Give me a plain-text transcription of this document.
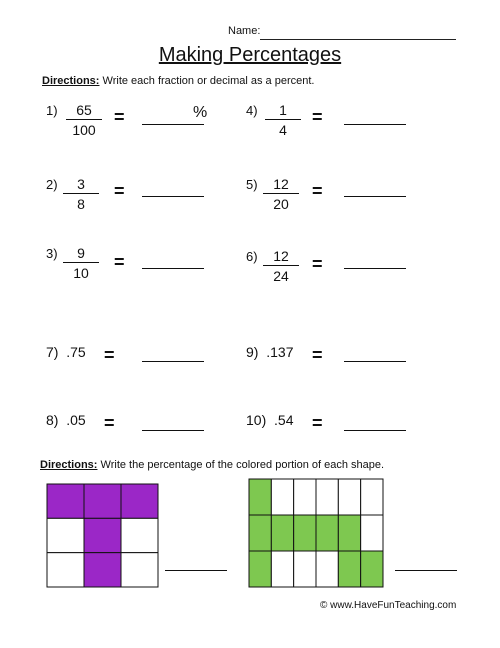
Name:
Making Percentages
Directions: Write each fraction or decimal as a percent.
1)	65
100
=	%	4)	1
4
=
2)	3
8
=	5)	12
20
=
3)	9
10
=	6)	12
24
=
7)  .75 =	9)  .137 =
8)  .05 =	10)  .54 =
Directions: Write the percentage of the colored portion of each shape.
© www.HaveFunTeaching.com
